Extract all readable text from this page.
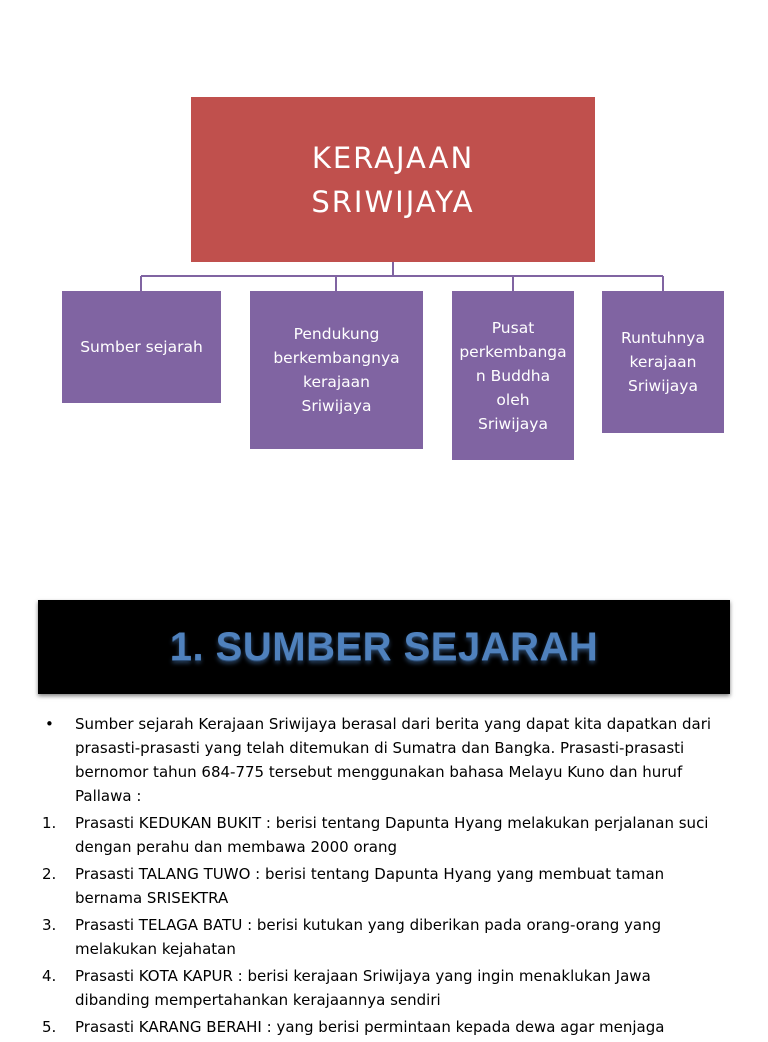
KERAJAAN
SRIWIJAYA
Sumber sejarah
Pendukung
berkembangnya
kerajaan
Sriwijaya
Pusat
perkembanga
n Buddha
oleh
Sriwijaya
Runtuhnya
kerajaan
Sriwijaya
1. SUMBER SEJARAH
•	Sumber sejarah Kerajaan Sriwijaya berasal dari berita yang dapat kita dapatkan dari prasasti-prasasti yang telah ditemukan di Sumatra dan Bangka. Prasasti-prasasti bernomor tahun 684-775 tersebut menggunakan bahasa Melayu Kuno dan huruf Pallawa :
1.	Prasasti KEDUKAN BUKIT : berisi tentang Dapunta Hyang melakukan perjalanan suci dengan perahu dan membawa 2000 orang
2.	Prasasti TALANG TUWO : berisi tentang Dapunta Hyang yang membuat taman bernama SRISEKTRA
3.	Prasasti TELAGA BATU : berisi kutukan yang diberikan pada orang-orang yang melakukan kejahatan
4.	Prasasti KOTA KAPUR : berisi kerajaan Sriwijaya yang ingin menaklukan Jawa dibanding mempertahankan kerajaannya sendiri
5.	Prasasti KARANG BERAHI : yang berisi permintaan kepada dewa agar menjaga
